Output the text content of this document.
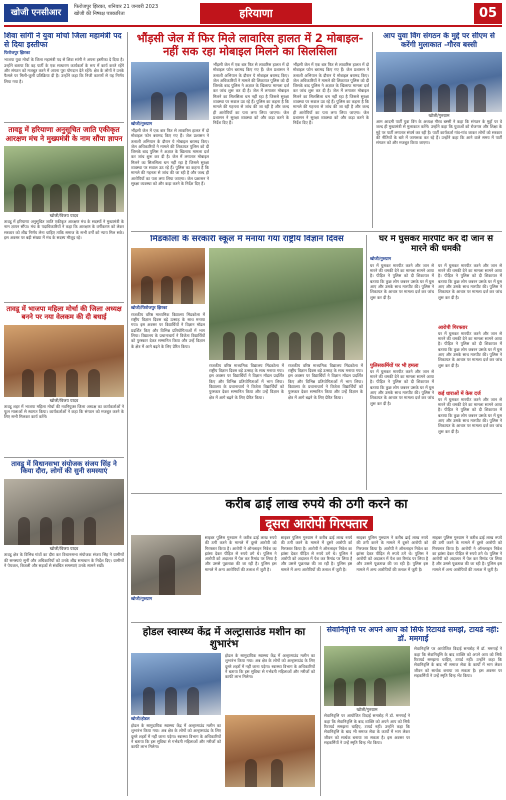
खोजी एनसीआर
फिरोजपुर झिरका, शनिवार 21 जनवरी 2023
खोजी की निष्पक्ष पत्रकारिता	हरियाणा	05
शिवा सांगी ने युवा मोर्चा जिला महामंत्री पद से दिया इस्तीफा
फिरोजपुर झिरका
भाजपा युवा मोर्चा के जिला महामंत्री पद से शिवा सांगी ने अपना इस्तीफा दे दिया है। उन्होंने बताया कि वह पार्टी के एक साधारण कार्यकर्ता के रूप में कार्य करते रहेंगे और संगठन को मजबूत करने में अपना पूरा योगदान देते रहेंगे। क्षेत्र के लोगों ने उनके फैसले पर मिली-जुली प्रतिक्रिया दी है। उन्होंने कहा कि निजी कारणों से यह निर्णय लिया गया है।
तावडू में हरियाणा अनुसूचित जाति एकीकृत आरक्षण मंच ने मुख्यमंत्री के नाम सौंपा ज्ञापन
खोजी/विजय यादव
तावडू में हरियाणा अनुसूचित जाति एकीकृत आरक्षण मंच के सदस्यों ने मुख्यमंत्री के नाम ज्ञापन सौंपा। मंच के पदाधिकारियों ने कहा कि आरक्षण के वर्गीकरण को लेकर सरकार को शीघ्र निर्णय लेना चाहिए ताकि समाज के सभी वर्गों को न्याय मिल सके। इस अवसर पर बड़ी संख्या में मंच के सदस्य मौजूद रहे।
तावडू में भाजपा महिला मोर्चा की जिला अध्यक्ष बनने पर नया वेलकम की दी बधाई
खोजी/विजय यादव
तावडू शहर में भाजपा महिला मोर्चा की नवनियुक्त जिला अध्यक्ष का कार्यकर्ताओं ने फूल मालाओं से स्वागत किया। कार्यकर्ताओं ने कहा कि संगठन को मजबूत करने के लिए सभी मिलकर कार्य करेंगे।
तावडू में विधानसभा संयोजक संजय सिंह ने किया दौरा, लोगों की सुनी समस्याएं
खोजी/विजय यादव
तावडू क्षेत्र के विभिन्न गांवों का दौरा कर विधानसभा संयोजक संजय सिंह ने ग्रामीणों की समस्याएं सुनीं और अधिकारियों को उनके शीघ्र समाधान के निर्देश दिए। ग्रामीणों ने पेयजल, बिजली और सड़कों से संबंधित समस्याएं उनके सामने रखीं।
भौंड़सी जेल में फिर मिले लावारिस हालत में 2 मोबाइल-नहीं सक रहा मोबाइल मिलने का सिलसिला
खोजी/गुरुग्राम
भौंड़सी जेल में एक बार फिर से लावारिस हालत में दो मोबाइल फोन बरामद किए गए हैं। जेल प्रशासन ने तलाशी अभियान के दौरान ये मोबाइल बरामद किए। जेल अधिकारियों ने मामले की शिकायत पुलिस को दी जिसके बाद पुलिस ने अज्ञात के खिलाफ मामला दर्ज कर जांच शुरू कर दी है। जेल में लगातार मोबाइल मिलने का सिलसिला थम नहीं रहा है जिससे सुरक्षा व्यवस्था पर सवाल उठ रहे हैं। पुलिस का कहना है कि मामले की गहनता से जांच की जा रही है और जल्द ही आरोपियों का पता लगा लिया जाएगा। जेल प्रशासन ने सुरक्षा व्यवस्था को और कड़ा करने के निर्देश दिए हैं।
भौंड़सी जेल में एक बार फिर से लावारिस हालत में दो मोबाइल फोन बरामद किए गए हैं। जेल प्रशासन ने तलाशी अभियान के दौरान ये मोबाइल बरामद किए। जेल अधिकारियों ने मामले की शिकायत पुलिस को दी जिसके बाद पुलिस ने अज्ञात के खिलाफ मामला दर्ज कर जांच शुरू कर दी है। जेल में लगातार मोबाइल मिलने का सिलसिला थम नहीं रहा है जिससे सुरक्षा व्यवस्था पर सवाल उठ रहे हैं। पुलिस का कहना है कि मामले की गहनता से जांच की जा रही है और जल्द ही आरोपियों का पता लगा लिया जाएगा। जेल प्रशासन ने सुरक्षा व्यवस्था को और कड़ा करने के निर्देश दिए हैं।
भौंड़सी जेल में एक बार फिर से लावारिस हालत में दो मोबाइल फोन बरामद किए गए हैं। जेल प्रशासन ने तलाशी अभियान के दौरान ये मोबाइल बरामद किए। जेल अधिकारियों ने मामले की शिकायत पुलिस को दी जिसके बाद पुलिस ने अज्ञात के खिलाफ मामला दर्ज कर जांच शुरू कर दी है। जेल में लगातार मोबाइल मिलने का सिलसिला थम नहीं रहा है जिससे सुरक्षा व्यवस्था पर सवाल उठ रहे हैं। पुलिस का कहना है कि मामले की गहनता से जांच की जा रही है और जल्द ही आरोपियों का पता लगा लिया जाएगा। जेल प्रशासन ने सुरक्षा व्यवस्था को और कड़ा करने के निर्देश दिए हैं।
आप युवा विंग संगठन के मुद्दे पर सीएम से करेंगी मुलाकात -गौरव बस्सी
खोजी/गुरुग्राम
आम आदमी पार्टी युवा विंग के अध्यक्ष गौरव बस्सी ने कहा कि संगठन के मुद्दों पर वे जल्द ही मुख्यमंत्री से मुलाकात करेंगे। उन्होंने कहा कि युवाओं को रोजगार और शिक्षा के मुद्दे पर पार्टी लगातार संघर्ष कर रही है। पार्टी कार्यकर्ता गांव-गांव जाकर लोगों को सरकार की नीतियों के बारे में जागरूक कर रहे हैं। उन्होंने कहा कि आने वाले समय में पार्टी संगठन को और मजबूत किया जाएगा।
मिंडकोला के सरकारी स्कूल में मनाया गया राष्ट्रीय विज्ञान दिवस
खोजी/फिरोजपुर झिरका
राजकीय वरिष्ठ माध्यमिक विद्यालय मिंडकोला में राष्ट्रीय विज्ञान दिवस बड़े उत्साह के साथ मनाया गया। इस अवसर पर विद्यार्थियों ने विज्ञान मॉडल प्रदर्शित किए और विभिन्न प्रतियोगिताओं में भाग लिया। विद्यालय के प्रधानाचार्य ने विजेता विद्यार्थियों को पुरस्कार देकर सम्मानित किया और उन्हें विज्ञान के क्षेत्र में आगे बढ़ने के लिए प्रेरित किया।
राजकीय वरिष्ठ माध्यमिक विद्यालय मिंडकोला में राष्ट्रीय विज्ञान दिवस बड़े उत्साह के साथ मनाया गया। इस अवसर पर विद्यार्थियों ने विज्ञान मॉडल प्रदर्शित किए और विभिन्न प्रतियोगिताओं में भाग लिया। विद्यालय के प्रधानाचार्य ने विजेता विद्यार्थियों को पुरस्कार देकर सम्मानित किया और उन्हें विज्ञान के क्षेत्र में आगे बढ़ने के लिए प्रेरित किया।
राजकीय वरिष्ठ माध्यमिक विद्यालय मिंडकोला में राष्ट्रीय विज्ञान दिवस बड़े उत्साह के साथ मनाया गया। इस अवसर पर विद्यार्थियों ने विज्ञान मॉडल प्रदर्शित किए और विभिन्न प्रतियोगिताओं में भाग लिया। विद्यालय के प्रधानाचार्य ने विजेता विद्यार्थियों को पुरस्कार देकर सम्मानित किया और उन्हें विज्ञान के क्षेत्र में आगे बढ़ने के लिए प्रेरित किया।
घर में घुसकर मारपीट कर दी जान से मारने की धमकी
खोजी/गुरुग्राम
घर में घुसकर मारपीट करने और जान से मारने की धमकी देने का मामला सामने आया है। पीड़ित ने पुलिस को दी शिकायत में बताया कि कुछ लोग जबरन उसके घर में घुस आए और उसके साथ मारपीट की। पुलिस ने शिकायत के आधार पर मामला दर्ज कर जांच शुरू कर दी है।
पुलिसकर्मियों पर भी हमला
घर में घुसकर मारपीट करने और जान से मारने की धमकी देने का मामला सामने आया है। पीड़ित ने पुलिस को दी शिकायत में बताया कि कुछ लोग जबरन उसके घर में घुस आए और उसके साथ मारपीट की। पुलिस ने शिकायत के आधार पर मामला दर्ज कर जांच शुरू कर दी है।
घर में घुसकर मारपीट करने और जान से मारने की धमकी देने का मामला सामने आया है। पीड़ित ने पुलिस को दी शिकायत में बताया कि कुछ लोग जबरन उसके घर में घुस आए और उसके साथ मारपीट की। पुलिस ने शिकायत के आधार पर मामला दर्ज कर जांच शुरू कर दी है।
आरोपी गिरफ्तार
घर में घुसकर मारपीट करने और जान से मारने की धमकी देने का मामला सामने आया है। पीड़ित ने पुलिस को दी शिकायत में बताया कि कुछ लोग जबरन उसके घर में घुस आए और उसके साथ मारपीट की। पुलिस ने शिकायत के आधार पर मामला दर्ज कर जांच शुरू कर दी है।
कई धाराओं में केस दर्ज
घर में घुसकर मारपीट करने और जान से मारने की धमकी देने का मामला सामने आया है। पीड़ित ने पुलिस को दी शिकायत में बताया कि कुछ लोग जबरन उसके घर में घुस आए और उसके साथ मारपीट की। पुलिस ने शिकायत के आधार पर मामला दर्ज कर जांच शुरू कर दी है।
करीब ढाई लाख रुपये की ठगी करने का
दूसरा आरोपी गिरफ्तार
खोजी/गुरुग्राम
साइबर पुलिस गुरुग्राम ने करीब ढाई लाख रुपये की ठगी करने के मामले में दूसरे आरोपी को गिरफ्तार किया है। आरोपी ने ऑनलाइन निवेश का झांसा देकर पीड़ित से रुपये ठगे थे। पुलिस ने आरोपी को अदालत में पेश कर रिमांड पर लिया है और उससे पूछताछ की जा रही है। पुलिस इस मामले में अन्य आरोपियों की तलाश में जुटी है।
साइबर पुलिस गुरुग्राम ने करीब ढाई लाख रुपये की ठगी करने के मामले में दूसरे आरोपी को गिरफ्तार किया है। आरोपी ने ऑनलाइन निवेश का झांसा देकर पीड़ित से रुपये ठगे थे। पुलिस ने आरोपी को अदालत में पेश कर रिमांड पर लिया है और उससे पूछताछ की जा रही है। पुलिस इस मामले में अन्य आरोपियों की तलाश में जुटी है।
साइबर पुलिस गुरुग्राम ने करीब ढाई लाख रुपये की ठगी करने के मामले में दूसरे आरोपी को गिरफ्तार किया है। आरोपी ने ऑनलाइन निवेश का झांसा देकर पीड़ित से रुपये ठगे थे। पुलिस ने आरोपी को अदालत में पेश कर रिमांड पर लिया है और उससे पूछताछ की जा रही है। पुलिस इस मामले में अन्य आरोपियों की तलाश में जुटी है।
साइबर पुलिस गुरुग्राम ने करीब ढाई लाख रुपये की ठगी करने के मामले में दूसरे आरोपी को गिरफ्तार किया है। आरोपी ने ऑनलाइन निवेश का झांसा देकर पीड़ित से रुपये ठगे थे। पुलिस ने आरोपी को अदालत में पेश कर रिमांड पर लिया है और उससे पूछताछ की जा रही है। पुलिस इस मामले में अन्य आरोपियों की तलाश में जुटी है।
होडल स्वास्थ्य केंद्र में अल्ट्रासाउंड मशीन का शुभारंभ
खोजी/होडल
होडल के सामुदायिक स्वास्थ्य केंद्र में अल्ट्रासाउंड मशीन का शुभारंभ किया गया। अब क्षेत्र के लोगों को अल्ट्रासाउंड के लिए दूसरे शहरों में नहीं जाना पड़ेगा। स्वास्थ्य विभाग के अधिकारियों ने बताया कि इस सुविधा से गर्भवती महिलाओं और मरीजों को काफी लाभ मिलेगा।
होडल के सामुदायिक स्वास्थ्य केंद्र में अल्ट्रासाउंड मशीन का शुभारंभ किया गया। अब क्षेत्र के लोगों को अल्ट्रासाउंड के लिए दूसरे शहरों में नहीं जाना पड़ेगा। स्वास्थ्य विभाग के अधिकारियों ने बताया कि इस सुविधा से गर्भवती महिलाओं और मरीजों को काफी लाभ मिलेगा।
सेवानिवृत्ति पर अपने आप को सिर्फ रिटायर्ड समझें, टायर्ड नहीं: डॉ. ममगाईं
खोजी/गुरुग्राम
सेवानिवृत्ति पर आयोजित विदाई समारोह में डॉ. ममगाईं ने कहा कि सेवानिवृत्ति के बाद व्यक्ति को अपने आप को सिर्फ रिटायर्ड समझना चाहिए, टायर्ड नहीं। उन्होंने कहा कि सेवानिवृत्ति के बाद भी समाज सेवा के कार्यों में भाग लेकर जीवन को सार्थक बनाया जा सकता है। इस अवसर पर सहकर्मियों ने उन्हें स्मृति चिन्ह भेंट किया।
सेवानिवृत्ति पर आयोजित विदाई समारोह में डॉ. ममगाईं ने कहा कि सेवानिवृत्ति के बाद व्यक्ति को अपने आप को सिर्फ रिटायर्ड समझना चाहिए, टायर्ड नहीं। उन्होंने कहा कि सेवानिवृत्ति के बाद भी समाज सेवा के कार्यों में भाग लेकर जीवन को सार्थक बनाया जा सकता है। इस अवसर पर सहकर्मियों ने उन्हें स्मृति चिन्ह भेंट किया।
